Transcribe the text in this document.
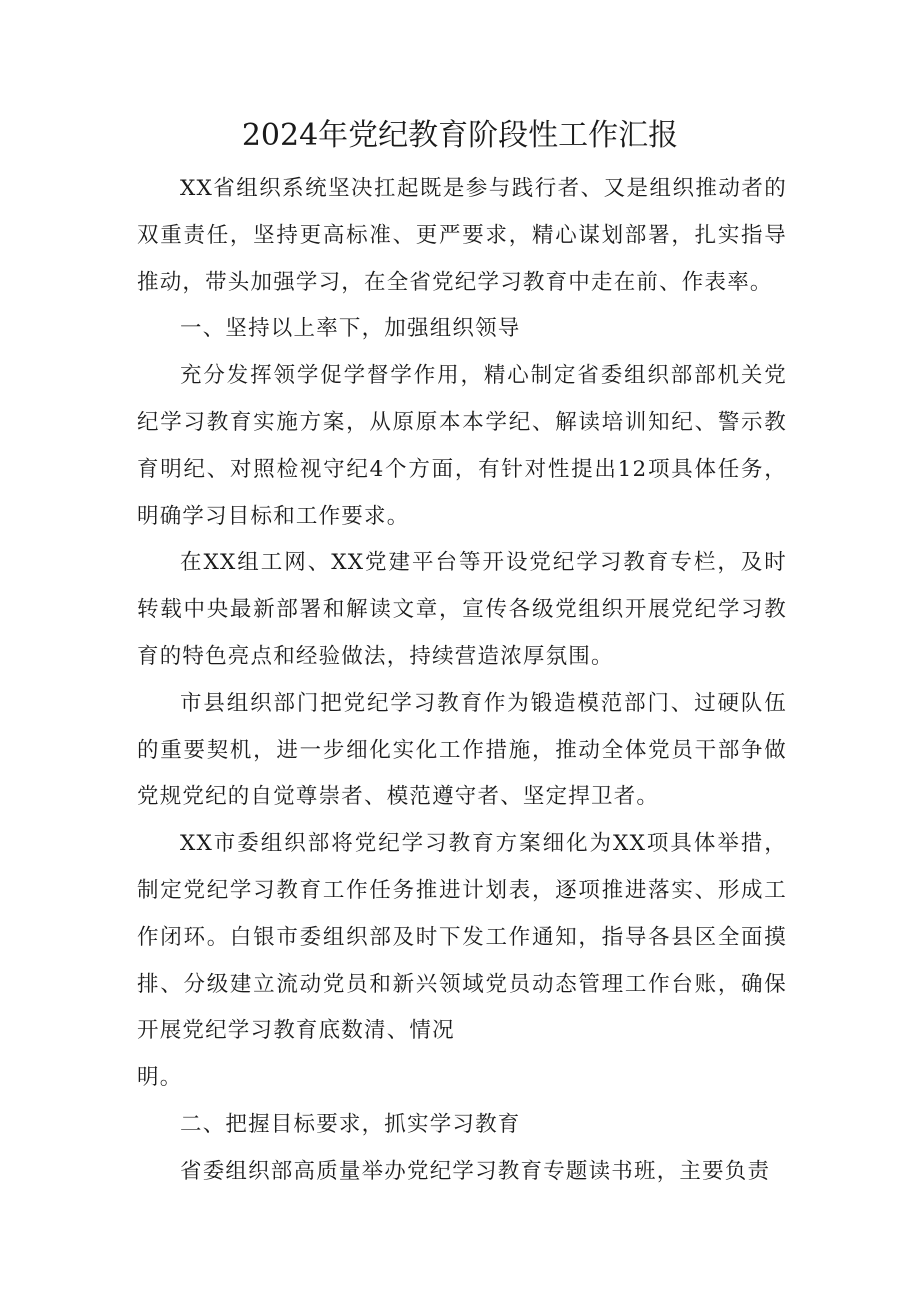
2024年党纪教育阶段性工作汇报

XX省组织系统坚决扛起既是参与践行者、又是组织推动者的双重责任，坚持更高标准、更严要求，精心谋划部署，扎实指导推动，带头加强学习，在全省党纪学习教育中走在前、作表率。

一、坚持以上率下，加强组织领导

充分发挥领学促学督学作用，精心制定省委组织部部机关党纪学习教育实施方案，从原原本本学纪、解读培训知纪、警示教育明纪、对照检视守纪4个方面，有针对性提出12项具体任务，明确学习目标和工作要求。

在XX组工网、XX党建平台等开设党纪学习教育专栏，及时转载中央最新部署和解读文章，宣传各级党组织开展党纪学习教育的特色亮点和经验做法，持续营造浓厚氛围。

市县组织部门把党纪学习教育作为锻造模范部门、过硬队伍的重要契机，进一步细化实化工作措施，推动全体党员干部争做党规党纪的自觉尊崇者、模范遵守者、坚定捍卫者。

XX市委组织部将党纪学习教育方案细化为XX项具体举措，制定党纪学习教育工作任务推进计划表，逐项推进落实、形成工作闭环。白银市委组织部及时下发工作通知，指导各县区全面摸排、分级建立流动党员和新兴领域党员动态管理工作台账，确保开展党纪学习教育底数清、情况
明。

二、把握目标要求，抓实学习教育

省委组织部高质量举办党纪学习教育专题读书班，主要负责
